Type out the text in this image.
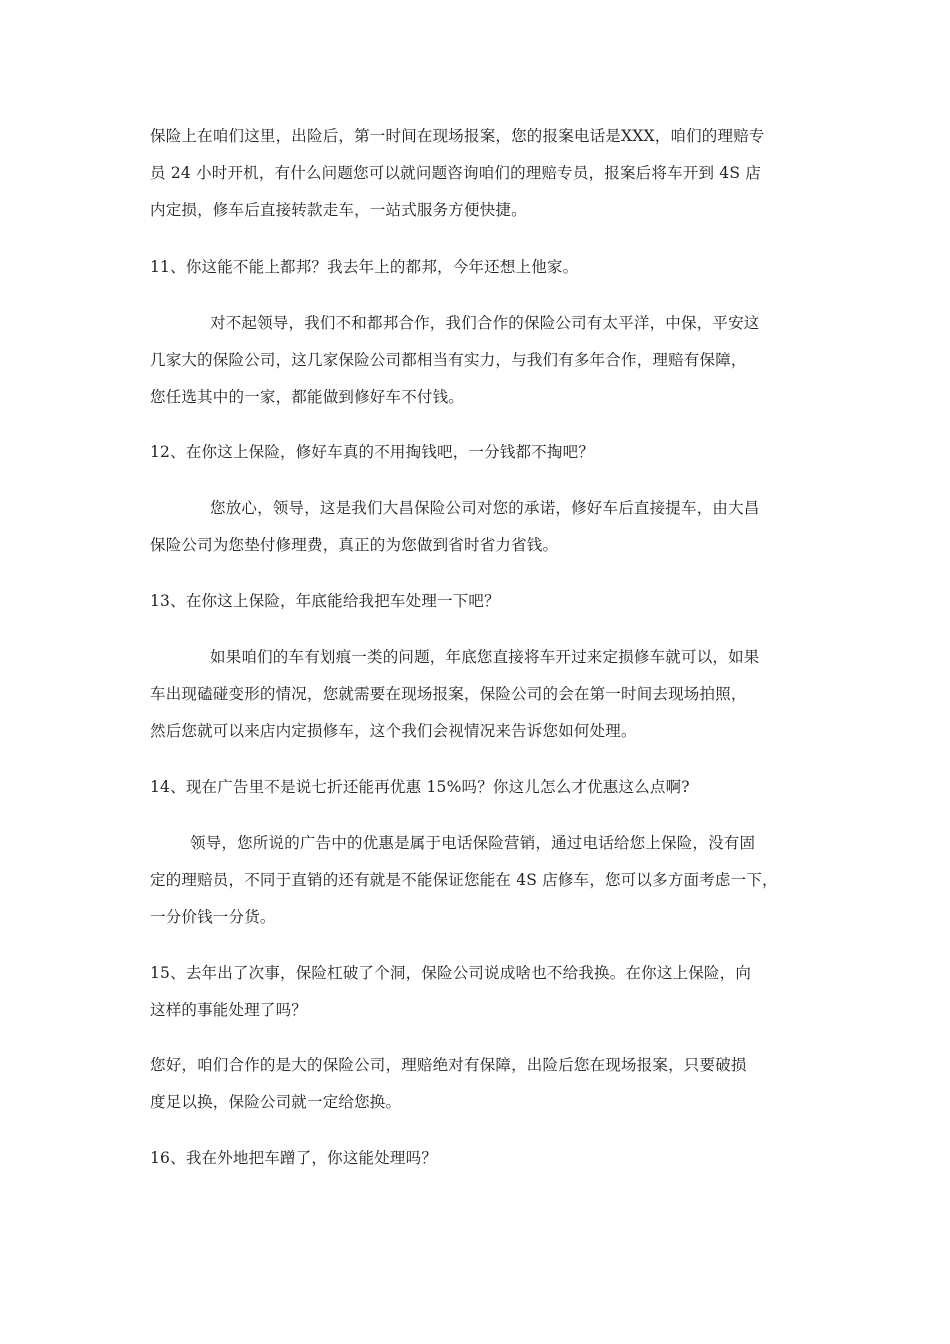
保险上在咱们这里，出险后，第一时间在现场报案，您的报案电话是XXX，咱们的理赔专
员 24 小时开机，有什么问题您可以就问题咨询咱们的理赔专员，报案后将车开到 4S 店
内定损，修车后直接转款走车，一站式服务方便快捷。
11、你这能不能上都邦？我去年上的都邦，今年还想上他家。
对不起领导，我们不和都邦合作，我们合作的保险公司有太平洋，中保，平安这
几家大的保险公司，这几家保险公司都相当有实力，与我们有多年合作，理赔有保障，
您任选其中的一家，都能做到修好车不付钱。
12、在你这上保险，修好车真的不用掏钱吧，一分钱都不掏吧？
您放心，领导，这是我们大昌保险公司对您的承诺，修好车后直接提车，由大昌
保险公司为您垫付修理费，真正的为您做到省时省力省钱。
13、在你这上保险，年底能给我把车处理一下吧？
如果咱们的车有划痕一类的问题，年底您直接将车开过来定损修车就可以，如果
车出现磕碰变形的情况，您就需要在现场报案，保险公司的会在第一时间去现场拍照，
然后您就可以来店内定损修车，这个我们会视情况来告诉您如何处理。
14、现在广告里不是说七折还能再优惠 15%吗？你这儿怎么才优惠这么点啊?
领导，您所说的广告中的优惠是属于电话保险营销，通过电话给您上保险，没有固
定的理赔员，不同于直销的还有就是不能保证您能在 4S 店修车，您可以多方面考虑一下，
一分价钱一分货。
15、去年出了次事，保险杠破了个洞，保险公司说成啥也不给我换。在你这上保险，向
这样的事能处理了吗？
您好，咱们合作的是大的保险公司，理赔绝对有保障，出险后您在现场报案，只要破损
度足以换，保险公司就一定给您换。
16、我在外地把车蹭了，你这能处理吗？
